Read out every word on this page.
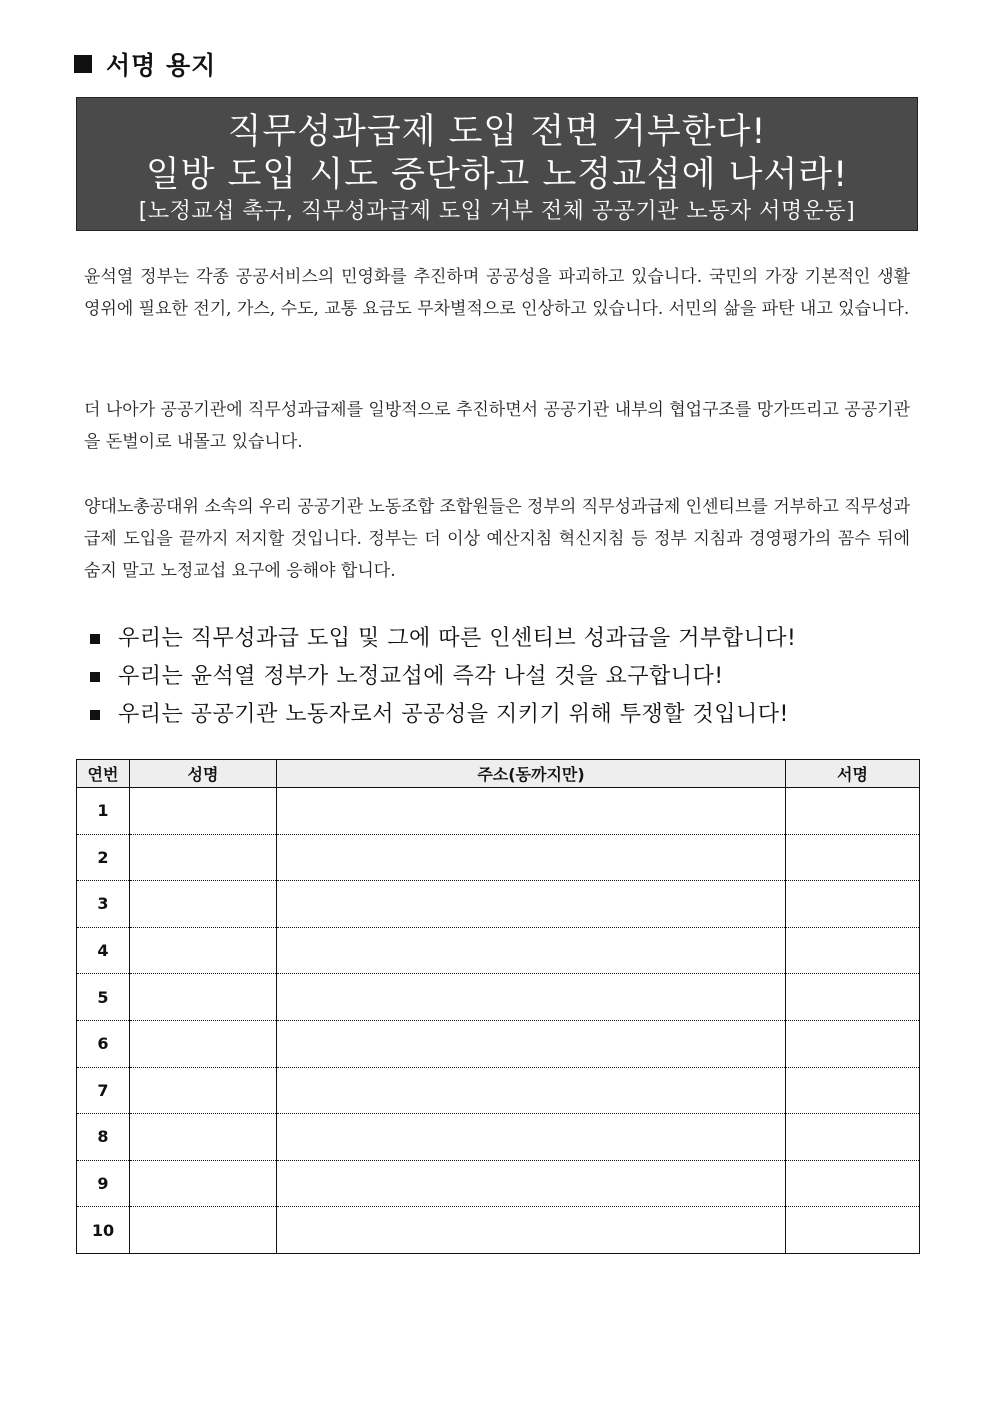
서명 용지
직무성과급제 도입 전면 거부한다!
일방 도입 시도 중단하고 노정교섭에 나서라!
[노정교섭 촉구, 직무성과급제 도입 거부 전체 공공기관 노동자 서명운동]

윤석열 정부는 각종 공공서비스의 민영화를 추진하며 공공성을 파괴하고 있습니다. 국민의 가장 기본적인 생활 영위에 필요한 전기, 가스, 수도, 교통 요금도 무차별적으로 인상하고 있습니다. 서민의 삶을 파탄 내고 있습니다.

더 나아가 공공기관에 직무성과급제를 일방적으로 추진하면서 공공기관 내부의 협업구조를 망가뜨리고 공공기관을 돈벌이로 내몰고 있습니다.

양대노총공대위 소속의 우리 공공기관 노동조합 조합원들은 정부의 직무성과급제 인센티브를 거부하고 직무성과급제 도입을 끝까지 저지할 것입니다. 정부는 더 이상 예산지침 혁신지침 등 정부 지침과 경영평가의 꼼수 뒤에 숨지 말고 노정교섭 요구에 응해야 합니다.

우리는 직무성과급 도입 및 그에 따른 인센티브 성과급을 거부합니다!
우리는 윤석열 정부가 노정교섭에 즉각 나설 것을 요구합니다!
우리는 공공기관 노동자로서 공공성을 지키기 위해 투쟁할 것입니다!
연번	성명	주소(동까지만)	서명
1			
2			
3			
4			
5			
6			
7			
8			
9			
10			
